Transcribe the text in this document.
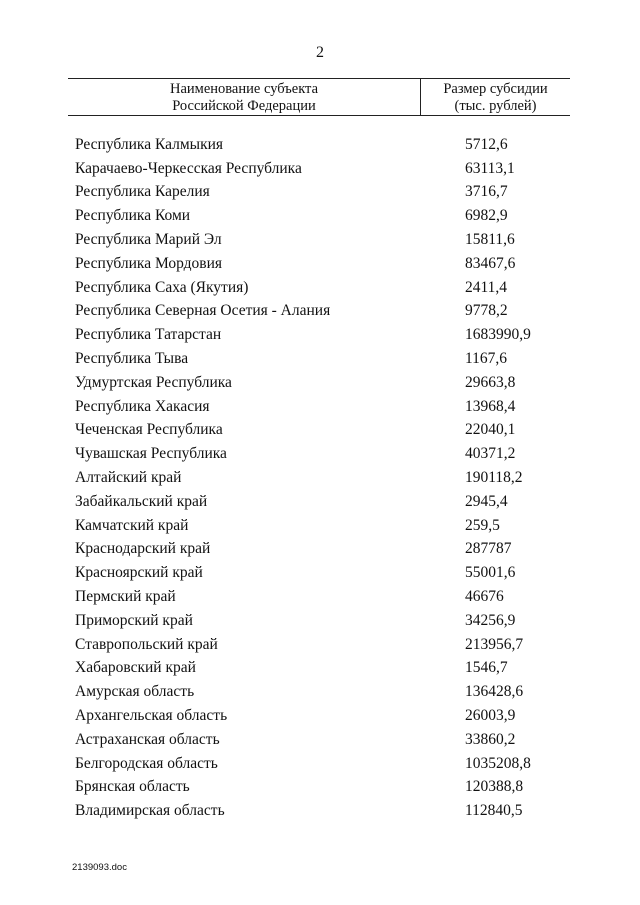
2
Наименование субъекта
Российской Федерации
Размер субсидии
(тыс. рублей)
Республика Калмыкия	5712,6
Карачаево-Черкесская Республика	63113,1
Республика Карелия	3716,7
Республика Коми	6982,9
Республика Марий Эл	15811,6
Республика Мордовия	83467,6
Республика Саха (Якутия)	2411,4
Республика Северная Осетия - Алания	9778,2
Республика Татарстан	1683990,9
Республика Тыва	1167,6
Удмуртская Республика	29663,8
Республика Хакасия	13968,4
Чеченская Республика	22040,1
Чувашская Республика	40371,2
Алтайский край	190118,2
Забайкальский край	2945,4
Камчатский край	259,5
Краснодарский край	287787
Красноярский край	55001,6
Пермский край	46676
Приморский край	34256,9
Ставропольский край	213956,7
Хабаровский край	1546,7
Амурская область	136428,6
Архангельская область	26003,9
Астраханская область	33860,2
Белгородская область	1035208,8
Брянская область	120388,8
Владимирская область	112840,5
2139093.doc
